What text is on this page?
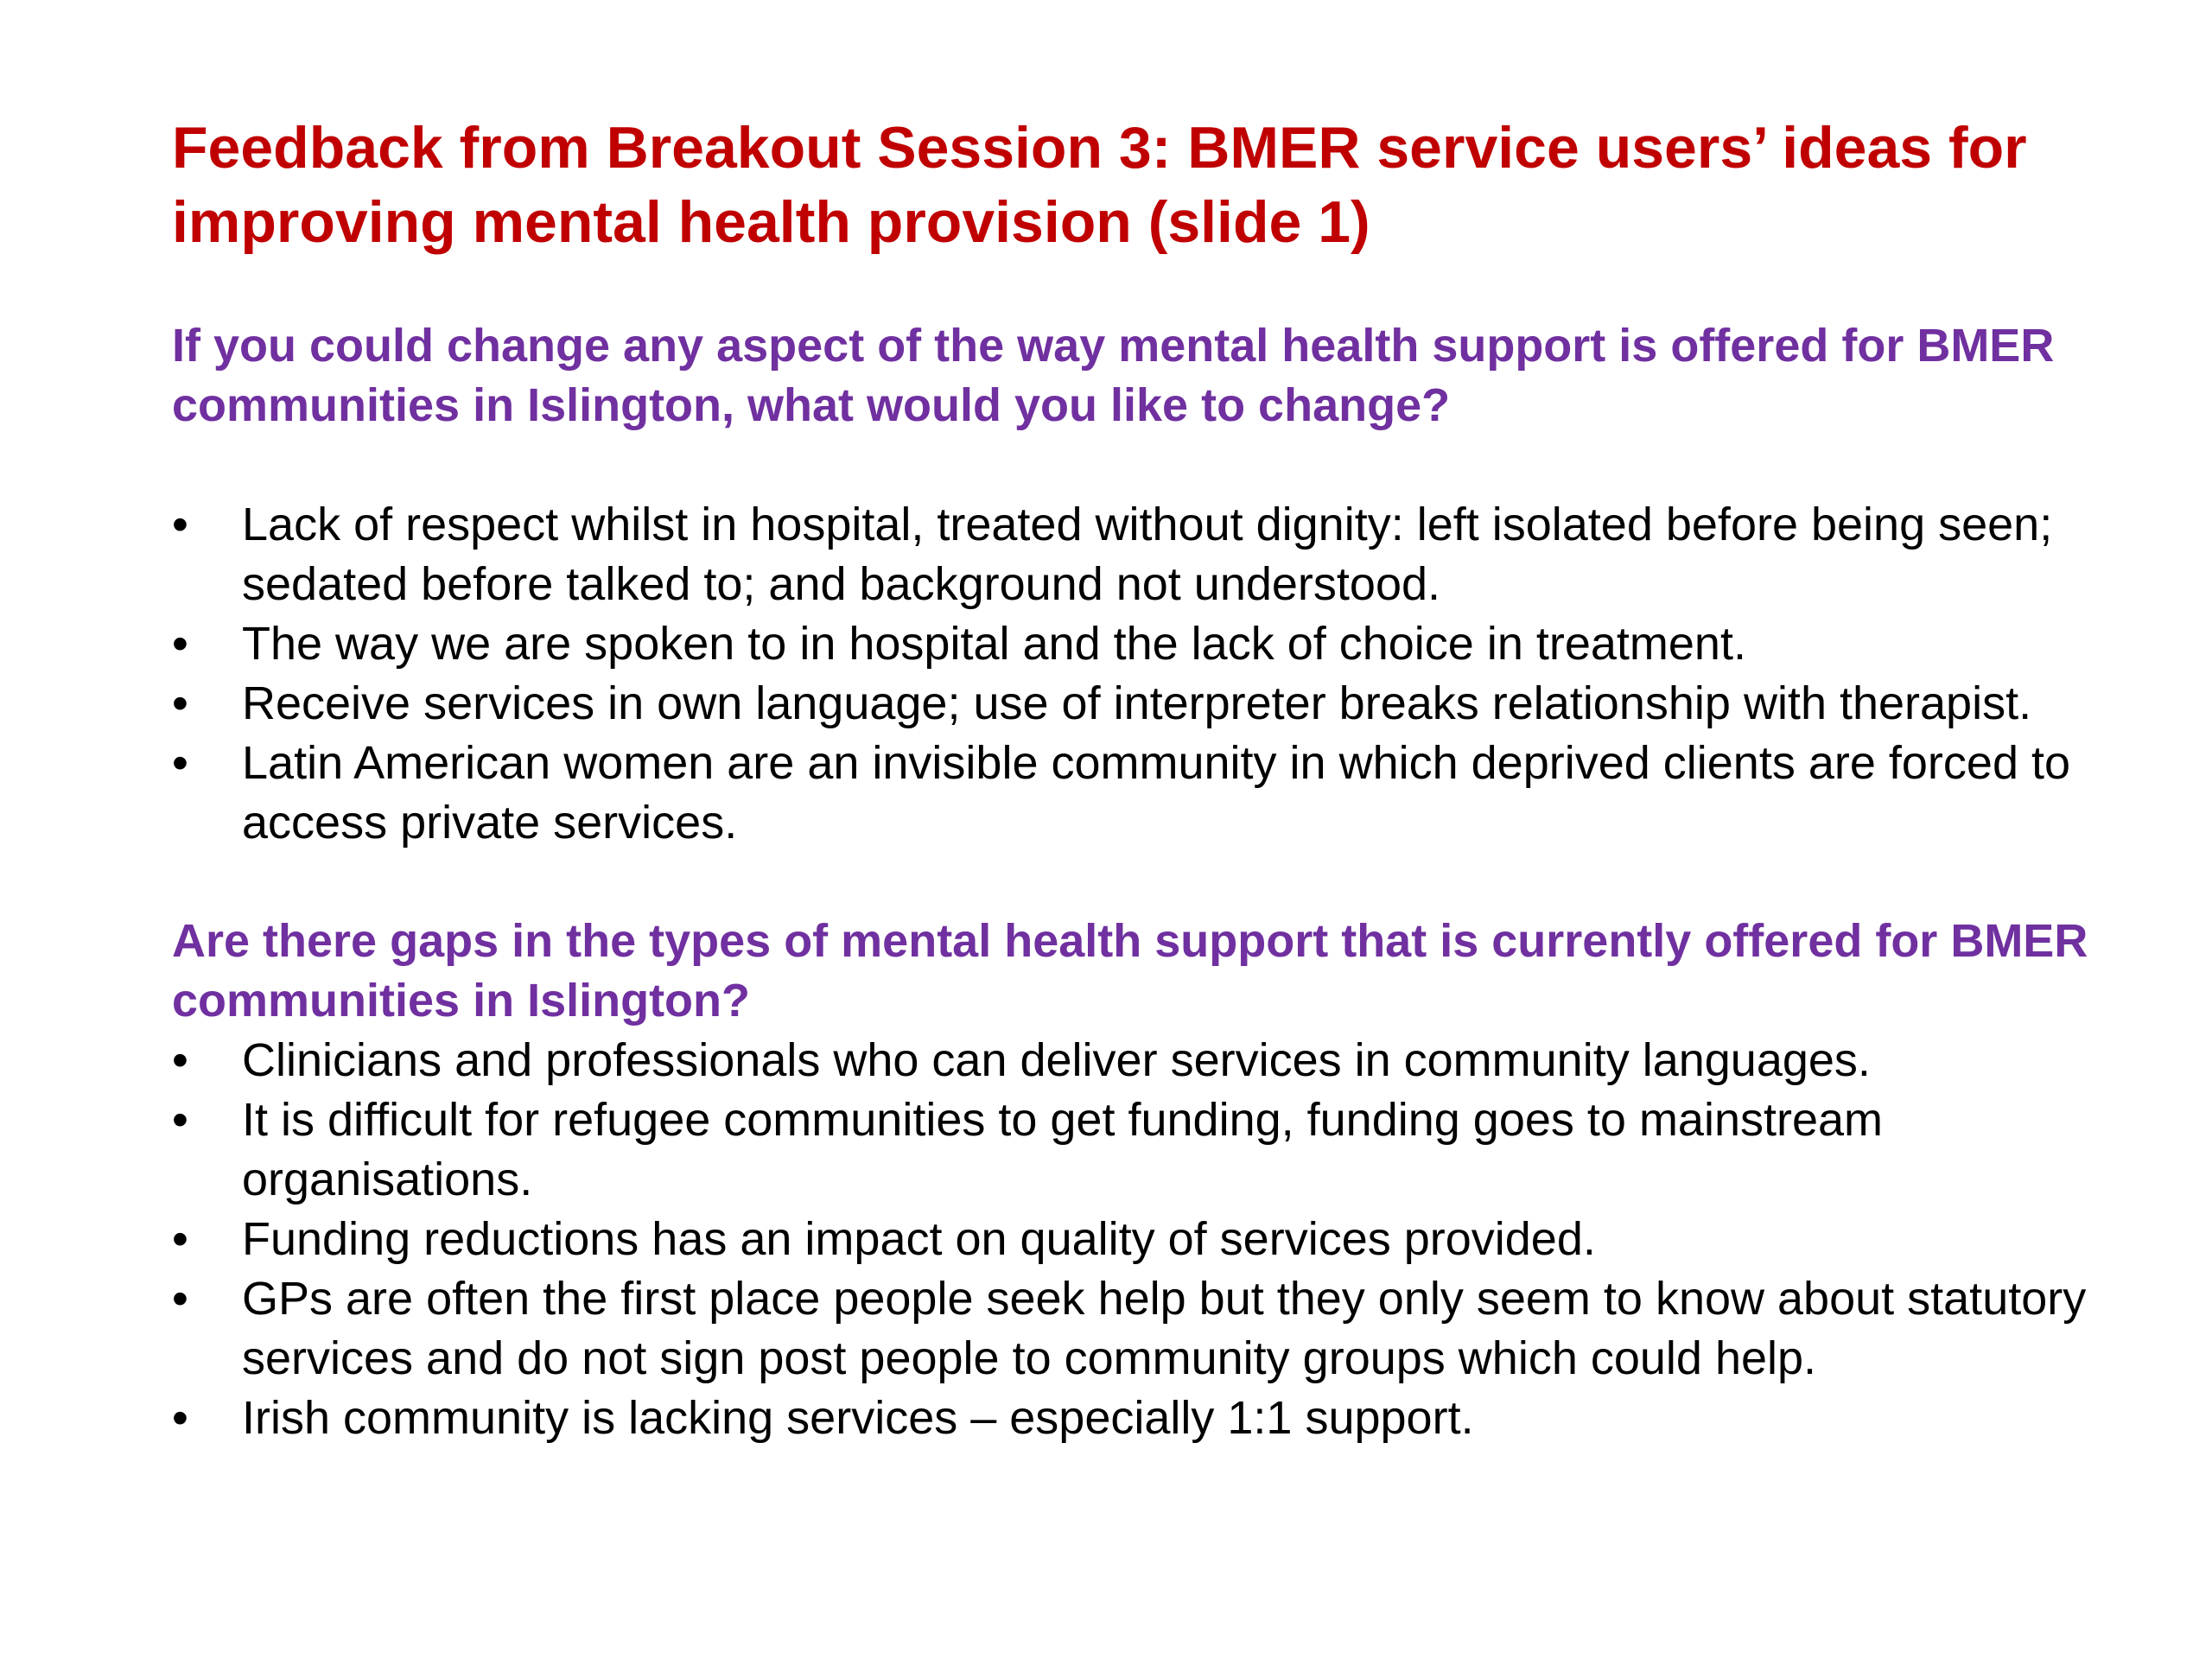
Feedback from Breakout Session 3: BMER service users’ ideas for improving mental health provision (slide 1)

If you could change any aspect of the way mental health support is offered for BMER communities in Islington, what would you like to change?

•	Lack of respect whilst in hospital, treated without dignity: left isolated before being seen; sedated before talked to; and background not understood.
•	The way we are spoken to in hospital and the lack of choice in treatment.
•	Receive services in own language; use of interpreter breaks relationship with therapist.
•	Latin American women are an invisible community in which deprived clients are forced to access private services.

Are there gaps in the types of mental health support that is currently offered for BMER communities in Islington?

•	Clinicians and professionals who can deliver services in community languages.
•	It is difficult for refugee communities to get funding, funding goes to mainstream organisations.
•	Funding reductions has an impact on quality of services provided.
•	GPs are often the first place people seek help but they only seem to know about statutory services and do not sign post people to community groups which could help.
•	Irish community is lacking services – especially 1:1 support.
